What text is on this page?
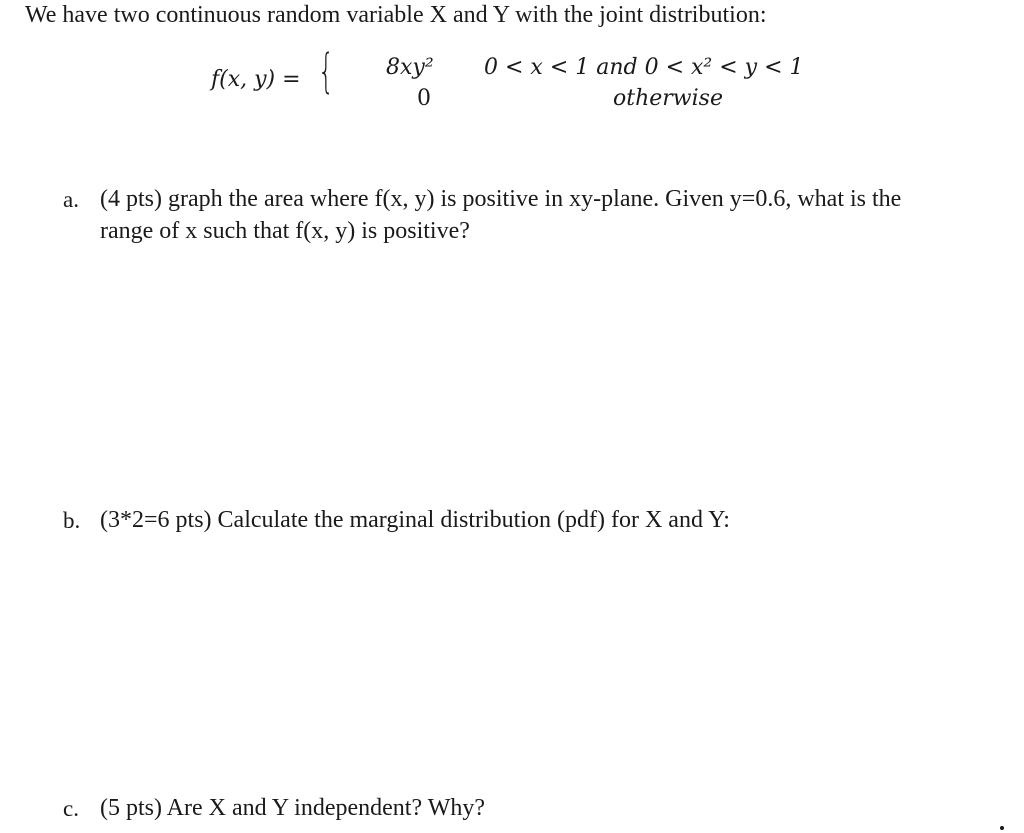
We have two continuous random variable X and Y with the joint distribution:
f(x, y) = { 8xy² 0 < x < 1 and 0 < x² < y < 1
0	otherwise
a. (4 pts) graph the area where f(x, y) is positive in xy-plane. Given y=0.6, what is the
range of x such that f(x, y) is positive?
b. (3*2=6 pts) Calculate the marginal distribution (pdf) for X and Y:
c. (5 pts) Are X and Y independent? Why?
